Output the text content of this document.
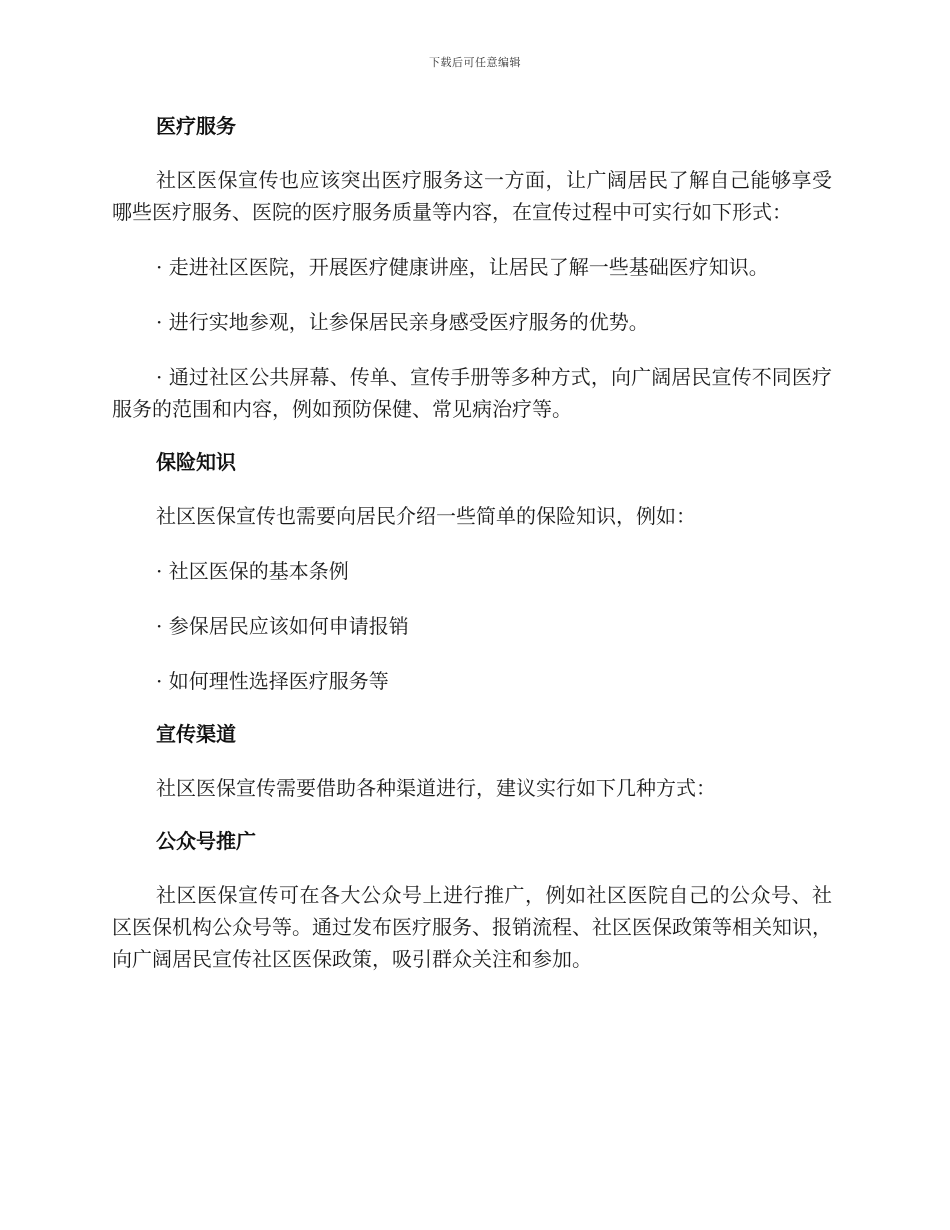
下载后可任意编辑
医疗服务

社区医保宣传也应该突出医疗服务这一方面，让广阔居民了解自己能够享受哪些医疗服务、医院的医疗服务质量等内容，在宣传过程中可实行如下形式：

· 走进社区医院，开展医疗健康讲座，让居民了解一些基础医疗知识。

· 进行实地参观，让参保居民亲身感受医疗服务的优势。

· 通过社区公共屏幕、传单、宣传手册等多种方式，向广阔居民宣传不同医疗服务的范围和内容，例如预防保健、常见病治疗等。

保险知识

社区医保宣传也需要向居民介绍一些简单的保险知识，例如：

· 社区医保的基本条例

· 参保居民应该如何申请报销

· 如何理性选择医疗服务等

宣传渠道

社区医保宣传需要借助各种渠道进行，建议实行如下几种方式：

公众号推广

社区医保宣传可在各大公众号上进行推广，例如社区医院自己的公众号、社区医保机构公众号等。通过发布医疗服务、报销流程、社区医保政策等相关知识，向广阔居民宣传社区医保政策，吸引群众关注和参加。
